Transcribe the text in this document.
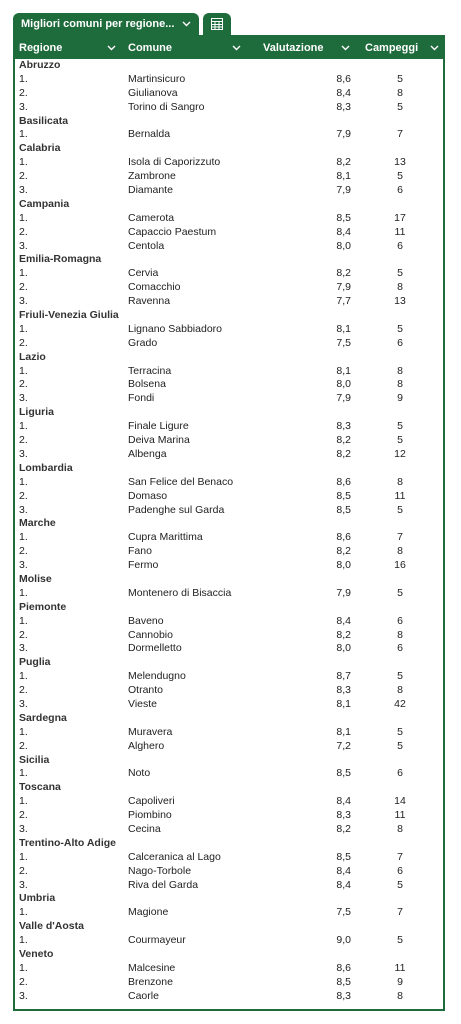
Migliori comuni per regione...
Regione	Comune	Valutazione	Campeggi
Abruzzo
1.	Martinsicuro	8,6	5
2.	Giulianova	8,4	8
3.	Torino di Sangro	8,3	5
Basilicata
1.	Bernalda	7,9	7
Calabria
1.	Isola di Caporizzuto	8,2	13
2.	Zambrone	8,1	5
3.	Diamante	7,9	6
Campania
1.	Camerota	8,5	17
2.	Capaccio Paestum	8,4	11
3.	Centola	8,0	6
Emilia-Romagna
1.	Cervia	8,2	5
2.	Comacchio	7,9	8
3.	Ravenna	7,7	13
Friuli-Venezia Giulia
1.	Lignano Sabbiadoro	8,1	5
2.	Grado	7,5	6
Lazio
1.	Terracina	8,1	8
2.	Bolsena	8,0	8
3.	Fondi	7,9	9
Liguria
1.	Finale Ligure	8,3	5
2.	Deiva Marina	8,2	5
3.	Albenga	8,2	12
Lombardia
1.	San Felice del Benaco	8,6	8
2.	Domaso	8,5	11
3.	Padenghe sul Garda	8,5	5
Marche
1.	Cupra Marittima	8,6	7
2.	Fano	8,2	8
3.	Fermo	8,0	16
Molise
1.	Montenero di Bisaccia	7,9	5
Piemonte
1.	Baveno	8,4	6
2.	Cannobio	8,2	8
3.	Dormelletto	8,0	6
Puglia
1.	Melendugno	8,7	5
2.	Otranto	8,3	8
3.	Vieste	8,1	42
Sardegna
1.	Muravera	8,1	5
2.	Alghero	7,2	5
Sicilia
1.	Noto	8,5	6
Toscana
1.	Capoliveri	8,4	14
2.	Piombino	8,3	11
3.	Cecina	8,2	8
Trentino-Alto Adige
1.	Calceranica al Lago	8,5	7
2.	Nago-Torbole	8,4	6
3.	Riva del Garda	8,4	5
Umbria
1.	Magione	7,5	7
Valle d'Aosta
1.	Courmayeur	9,0	5
Veneto
1.	Malcesine	8,6	11
2.	Brenzone	8,5	9
3.	Caorle	8,3	8
